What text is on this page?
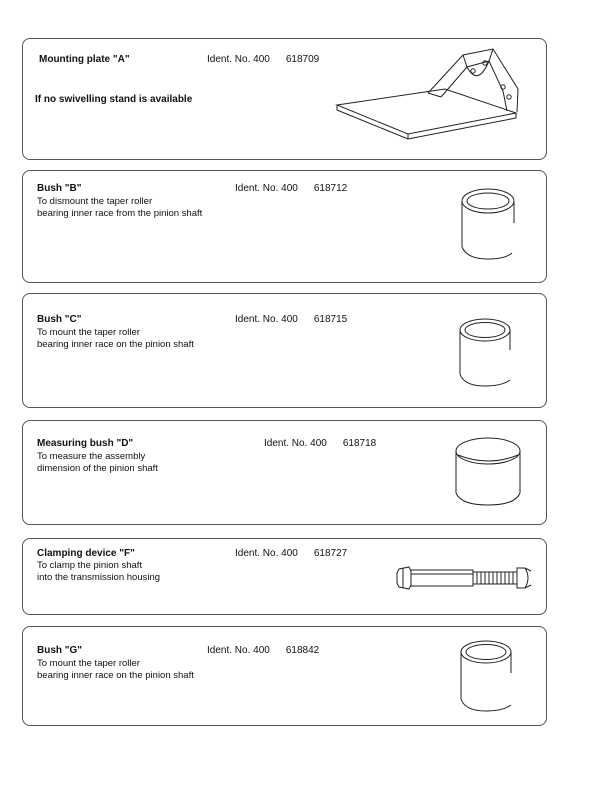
Mounting plate "A"	Ident. No. 400 618709
If no swivelling stand is available
Bush "B"	Ident. No. 400 618712
To dismount the taper roller
bearing inner race from the pinion shaft
Bush "C"	Ident. No. 400 618715
To mount the taper roller
bearing inner race on the pinion shaft
Measuring bush "D"	Ident. No. 400 618718
To measure the assembly
dimension of the pinion shaft
Clamping device "F"	Ident. No. 400 618727
To clamp the pinion shaft
into the transmission housing
Bush "G"	Ident. No. 400 618842
To mount the taper roller
bearing inner race on the pinion shaft
